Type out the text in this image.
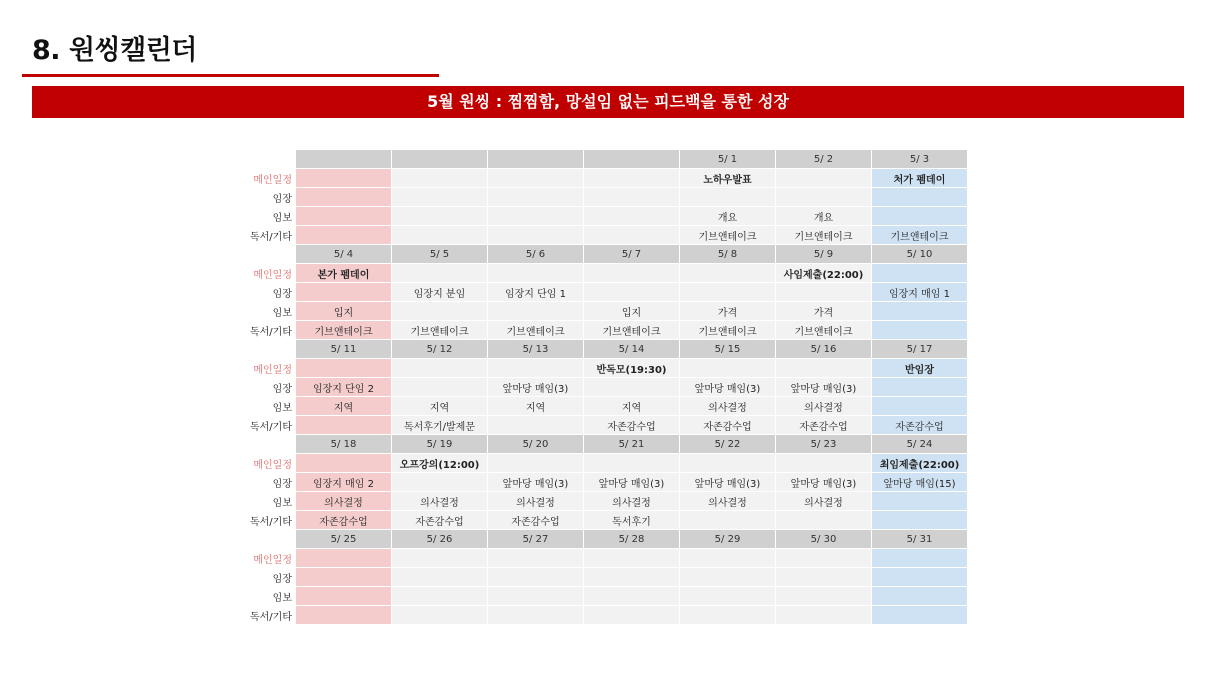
8. 원씽캘린더
5월 원씽 : 찜찜함, 망설임 없는 피드백을 통한 성장
					5/ 1	5/ 2	5/ 3
메인일정					노하우발표		처가 펨데이
임장							
임보					개요	개요	
독서/기타					기브앤테이크	기브앤테이크	기브앤테이크
	5/ 4	5/ 5	5/ 6	5/ 7	5/ 8	5/ 9	5/ 10
메인일정	본가 펨데이					사임제출(22:00)	
임장		임장지 분임	임장지 단임 1				임장지 매임 1
임보	입지			입지	가격	가격	
독서/기타	기브앤테이크	기브앤테이크	기브앤테이크	기브앤테이크	기브앤테이크	기브앤테이크	
	5/ 11	5/ 12	5/ 13	5/ 14	5/ 15	5/ 16	5/ 17
메인일정				반독모(19:30)			반임장
임장	임장지 단임 2		앞마당 매임(3)		앞마당 매임(3)	앞마당 매임(3)	
임보	지역	지역	지역	지역	의사결정	의사결정	
독서/기타		독서후기/발제문		자존감수업	자존감수업	자존감수업	자존감수업
	5/ 18	5/ 19	5/ 20	5/ 21	5/ 22	5/ 23	5/ 24
메인일정		오프강의(12:00)					최임제출(22:00)
임장	임장지 매임 2		앞마당 매임(3)	앞마당 매임(3)	앞마당 매임(3)	앞마당 매임(3)	앞마당 매임(15)
임보	의사결정	의사결정	의사결정	의사결정	의사결정	의사결정	
독서/기타	자존감수업	자존감수업	자존감수업	독서후기			
	5/ 25	5/ 26	5/ 27	5/ 28	5/ 29	5/ 30	5/ 31
메인일정							
임장							
임보							
독서/기타							
